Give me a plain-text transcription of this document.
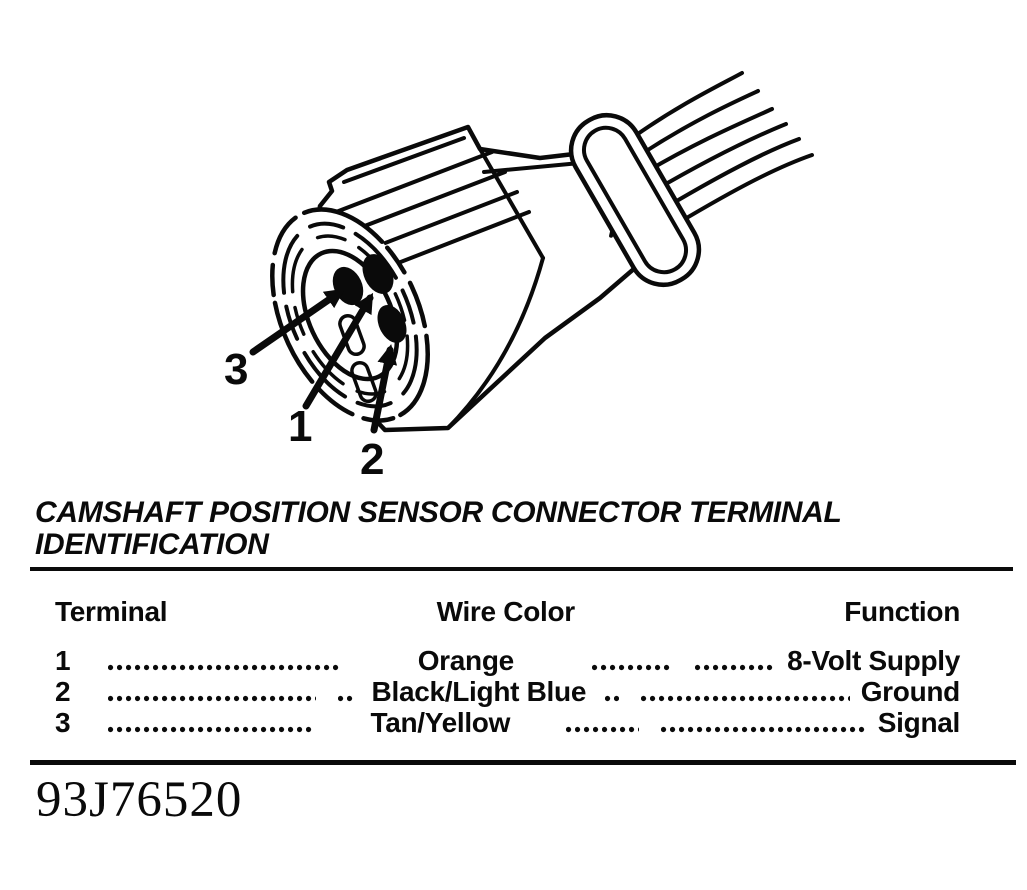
3
1
2
CAMSHAFT POSITION SENSOR CONNECTOR TERMINAL
IDENTIFICATION
Terminal	Wire Color	Function
1	Orange	8-Volt Supply
2	Black/Light Blue	Ground
3	Tan/Yellow	Signal
93J76520
